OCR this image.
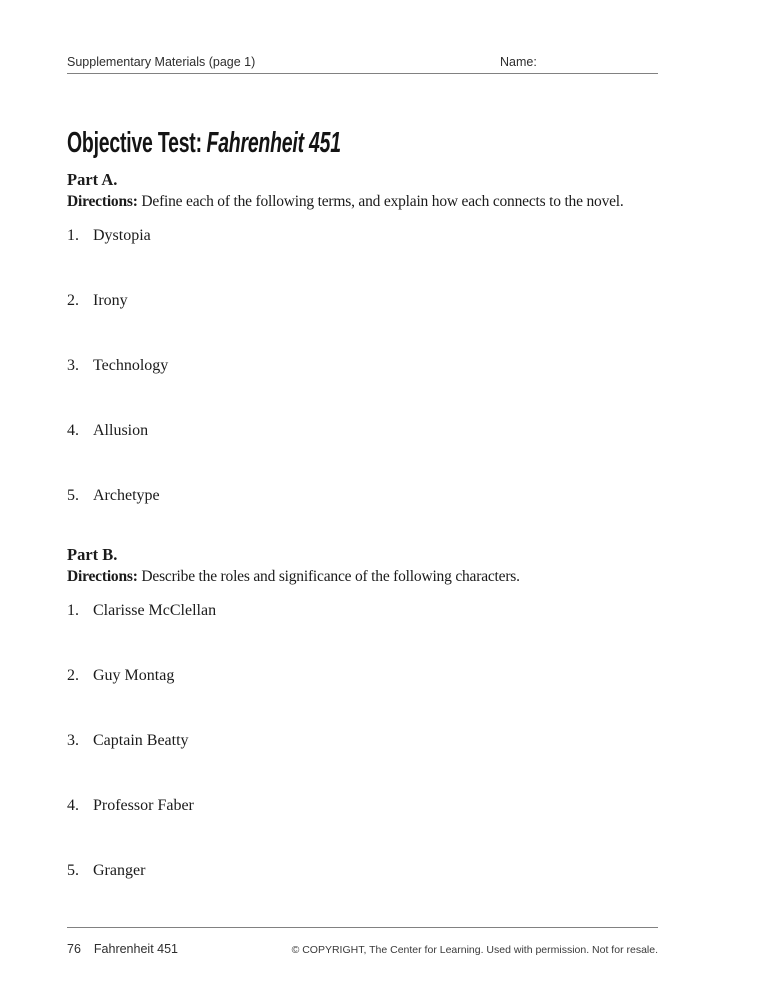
Supplementary Materials (page 1)	Name:
Objective Test: Fahrenheit 451
Part A.

Directions: Define each of the following terms, and explain how each connects to the novel.

1. Dystopia
2. Irony
3. Technology
4. Allusion
5. Archetype
Part B.

Directions: Describe the roles and significance of the following characters.

1. Clarisse McClellan
2. Guy Montag
3. Captain Beatty
4. Professor Faber
5. Granger
76 Fahrenheit 451	© COPYRIGHT, The Center for Learning. Used with permission. Not for resale.
